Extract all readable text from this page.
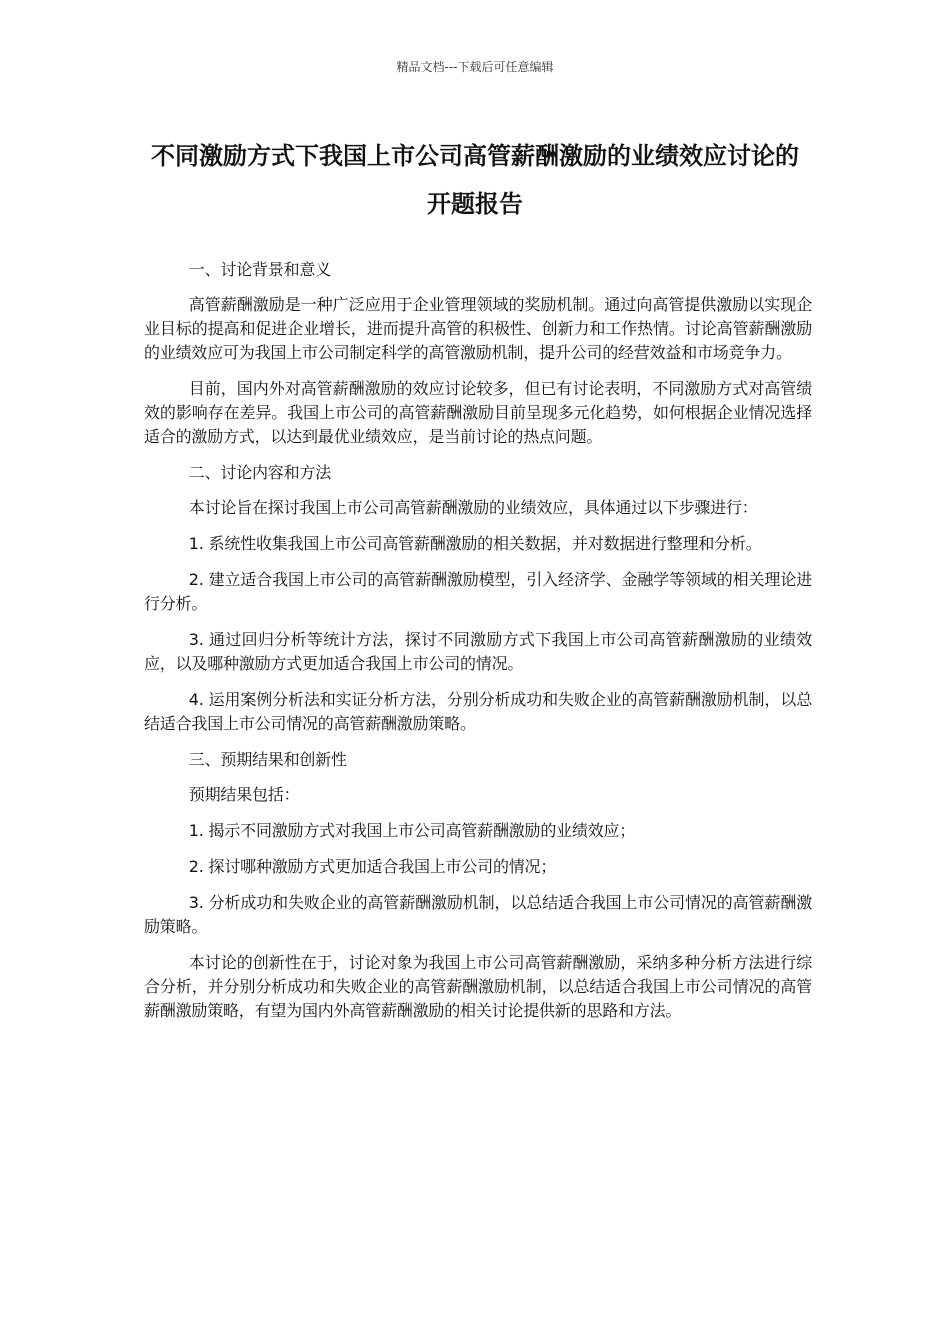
精品文档---下载后可任意编辑
不同激励方式下我国上市公司高管薪酬激励的业绩效应讨论的开题报告

一、讨论背景和意义

高管薪酬激励是一种广泛应用于企业管理领域的奖励机制。通过向高管提供激励以实现企业目标的提高和促进企业增长，进而提升高管的积极性、创新力和工作热情。讨论高管薪酬激励的业绩效应可为我国上市公司制定科学的高管激励机制，提升公司的经营效益和市场竞争力。

目前，国内外对高管薪酬激励的效应讨论较多，但已有讨论表明，不同激励方式对高管绩效的影响存在差异。我国上市公司的高管薪酬激励目前呈现多元化趋势，如何根据企业情况选择适合的激励方式，以达到最优业绩效应，是当前讨论的热点问题。

二、讨论内容和方法

本讨论旨在探讨我国上市公司高管薪酬激励的业绩效应，具体通过以下步骤进行：

1. 系统性收集我国上市公司高管薪酬激励的相关数据，并对数据进行整理和分析。

2. 建立适合我国上市公司的高管薪酬激励模型，引入经济学、金融学等领域的相关理论进行分析。

3. 通过回归分析等统计方法，探讨不同激励方式下我国上市公司高管薪酬激励的业绩效应，以及哪种激励方式更加适合我国上市公司的情况。

4. 运用案例分析法和实证分析方法，分别分析成功和失败企业的高管薪酬激励机制，以总结适合我国上市公司情况的高管薪酬激励策略。

三、预期结果和创新性

预期结果包括：

1. 揭示不同激励方式对我国上市公司高管薪酬激励的业绩效应；

2. 探讨哪种激励方式更加适合我国上市公司的情况；

3. 分析成功和失败企业的高管薪酬激励机制，以总结适合我国上市公司情况的高管薪酬激励策略。

本讨论的创新性在于，讨论对象为我国上市公司高管薪酬激励，采纳多种分析方法进行综合分析，并分别分析成功和失败企业的高管薪酬激励机制，以总结适合我国上市公司情况的高管薪酬激励策略，有望为国内外高管薪酬激励的相关讨论提供新的思路和方法。
